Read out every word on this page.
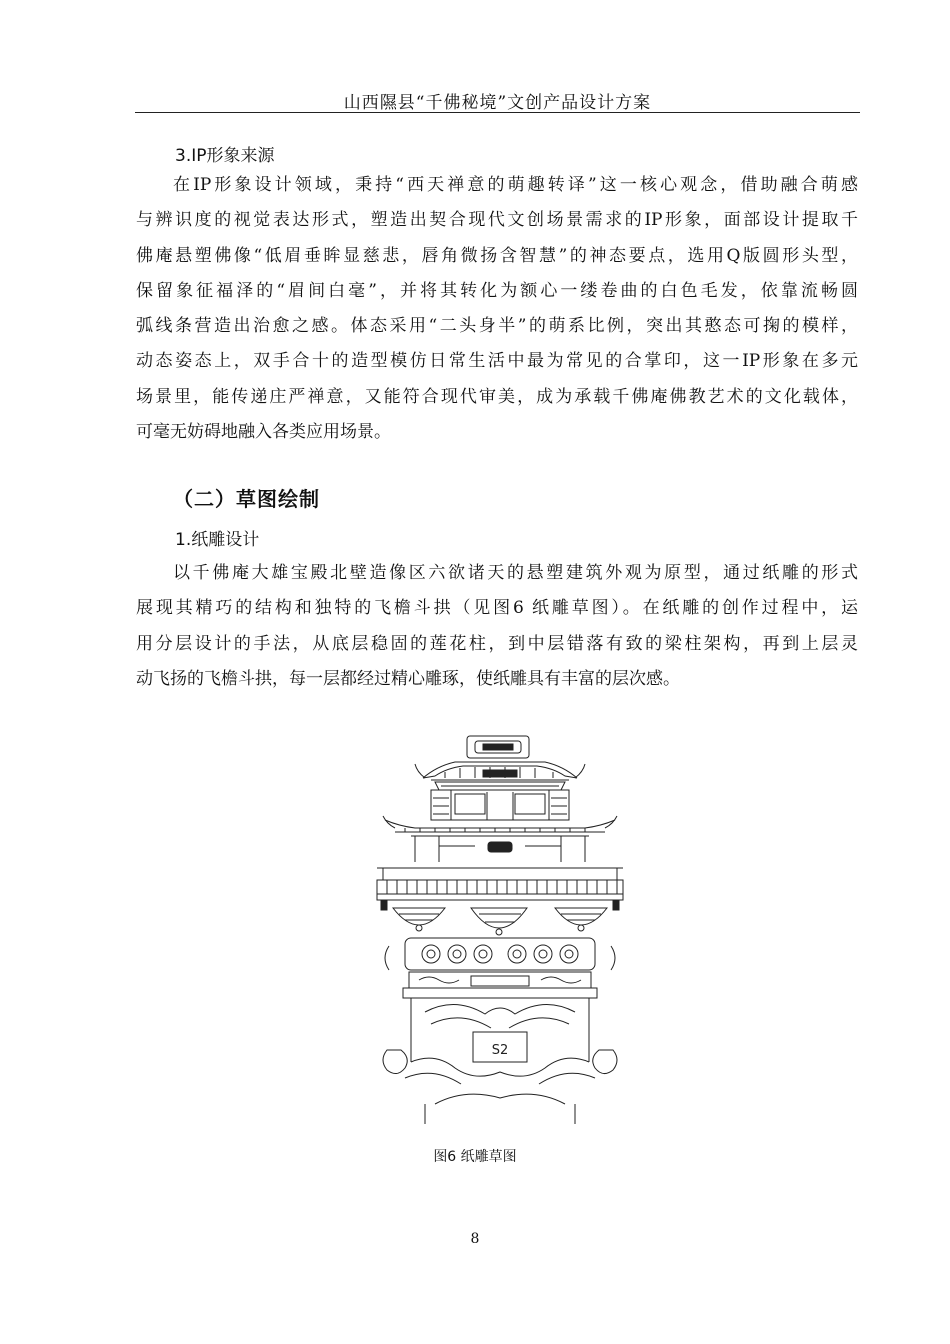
山西隰县“千佛秘境”文创产品设计方案
3.IP形象来源

在IP形象设计领域，秉持“西天禅意的萌趣转译”这一核心观念，借助融合萌感
与辨识度的视觉表达形式，塑造出契合现代文创场景需求的IP形象，面部设计提取千
佛庵悬塑佛像“低眉垂眸显慈悲，唇角微扬含智慧”的神态要点，选用Q版圆形头型，
保留象征福泽的“眉间白毫”，并将其转化为额心一缕卷曲的白色毛发，依靠流畅圆
弧线条营造出治愈之感。体态采用“二头身半”的萌系比例，突出其憨态可掬的模样，
动态姿态上，双手合十的造型模仿日常生活中最为常见的合掌印，这一IP形象在多元
场景里，能传递庄严禅意，又能符合现代审美，成为承载千佛庵佛教艺术的文化载体，
可毫无妨碍地融入各类应用场景。

（二）草图绘制
1.纸雕设计

以千佛庵大雄宝殿北壁造像区六欲诸天的悬塑建筑外观为原型，通过纸雕的形式
展现其精巧的结构和独特的飞檐斗拱（见图6 纸雕草图）。在纸雕的创作过程中，运
用分层设计的手法，从底层稳固的莲花柱，到中层错落有致的梁柱架构，再到上层灵
动飞扬的飞檐斗拱，每一层都经过精心雕琢，使纸雕具有丰富的层次感。

S2
图6 纸雕草图
8
